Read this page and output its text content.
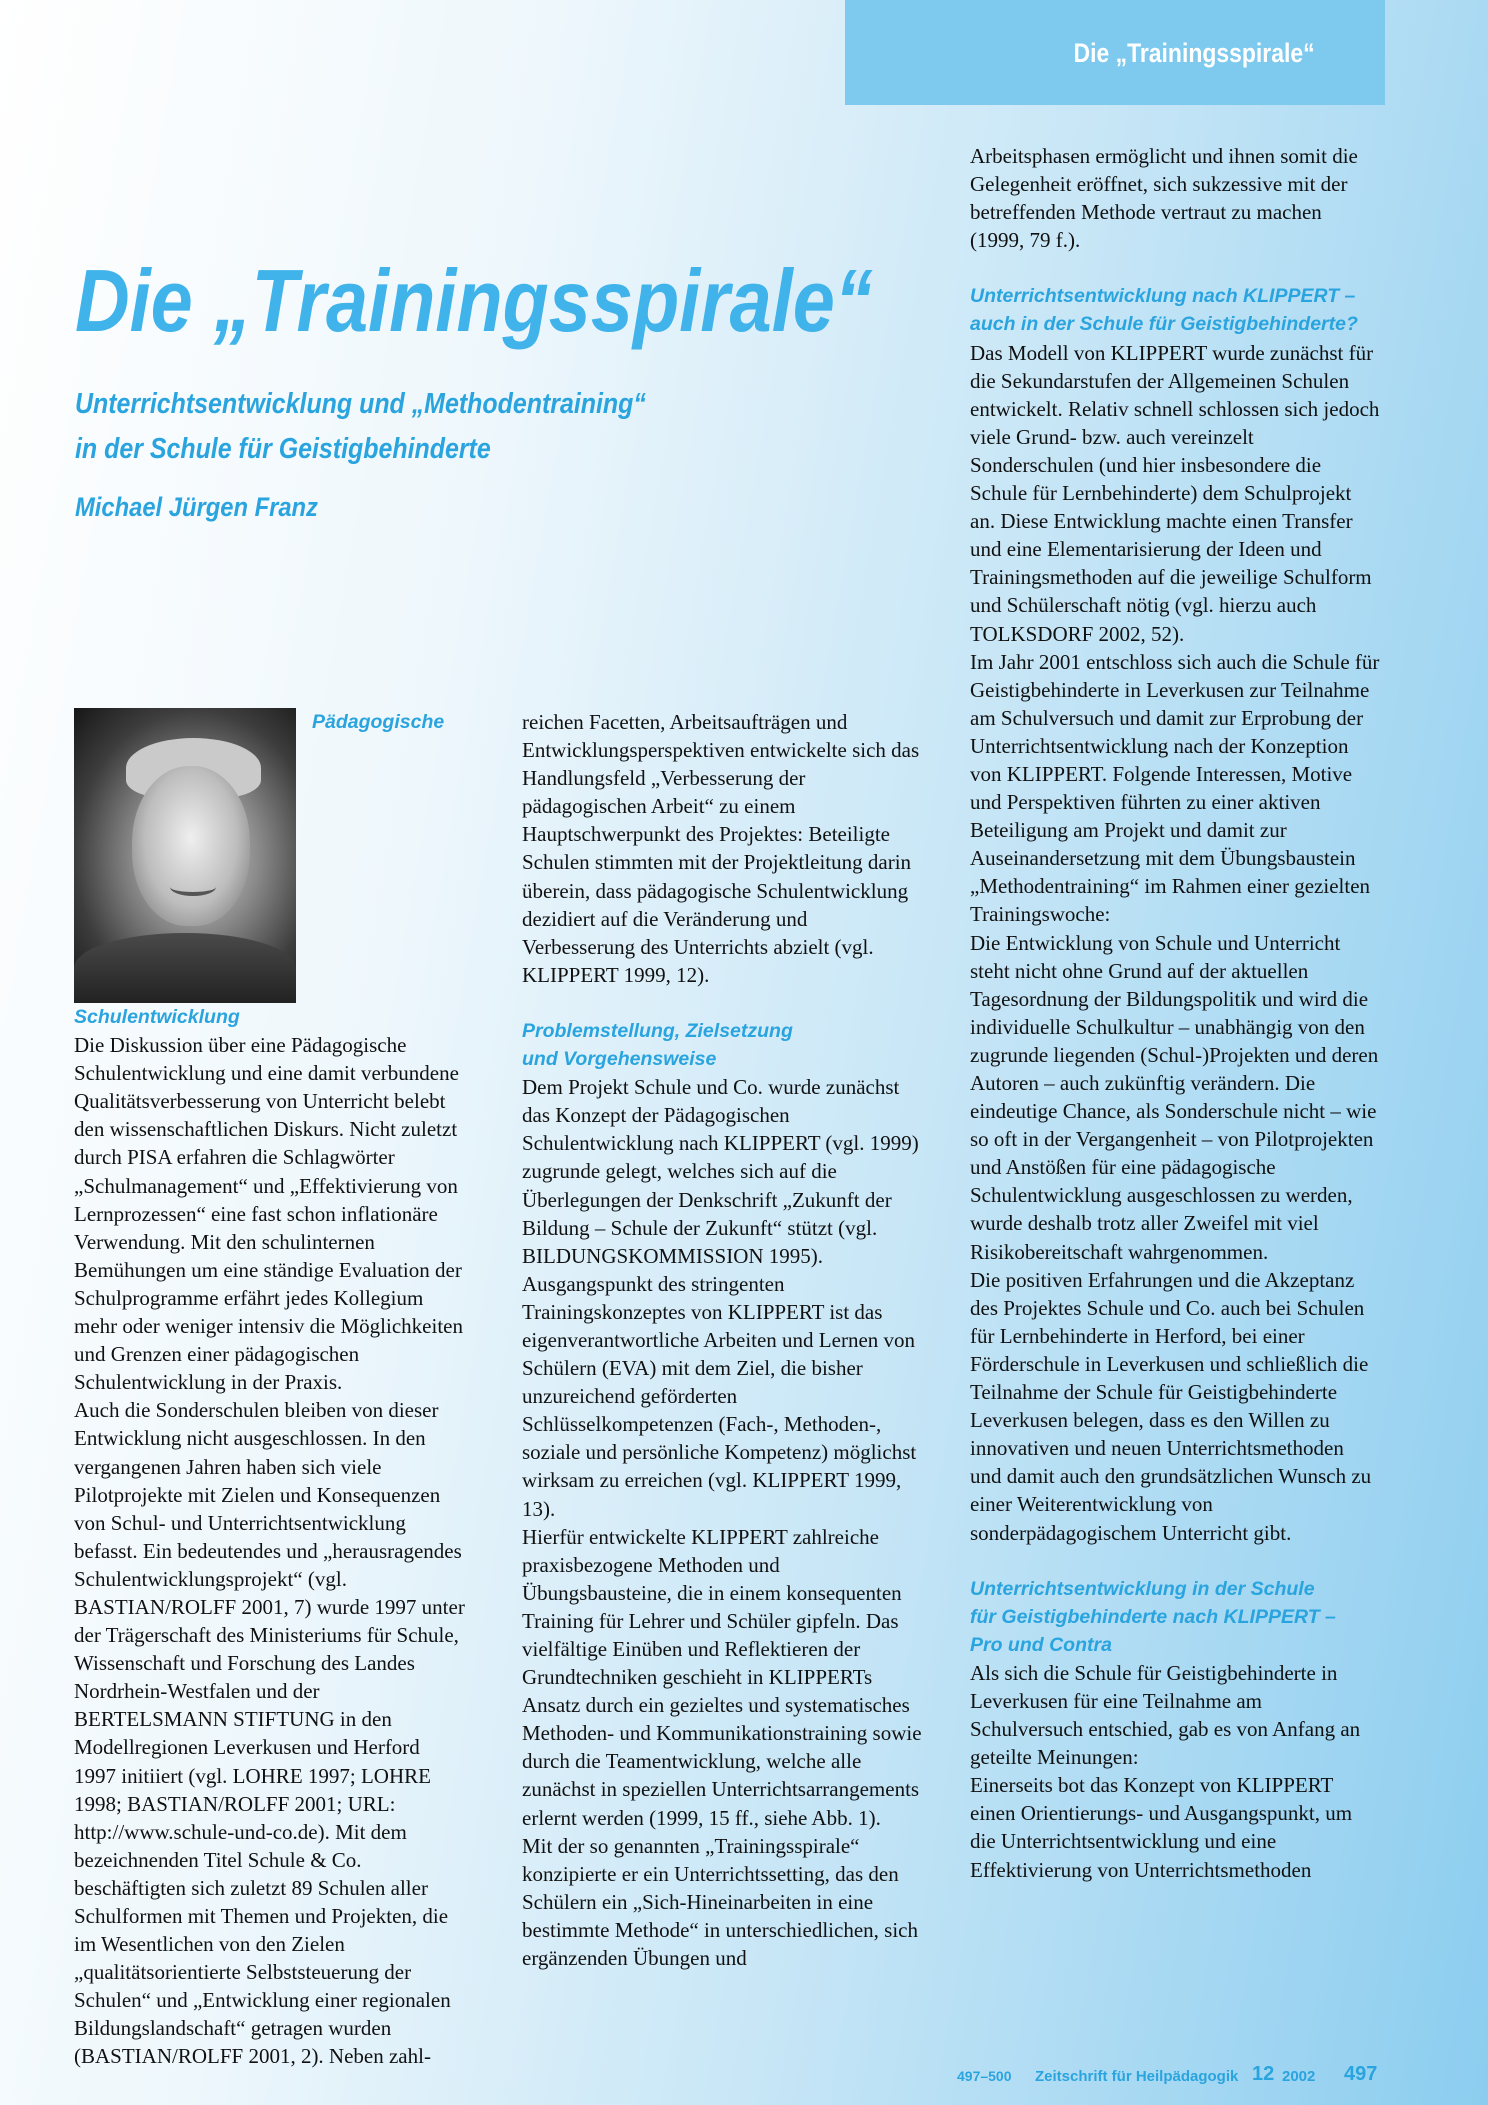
Die „Trainingsspirale“
Die „Trainingsspirale“
Unterrichtsentwicklung und „Methodentraining“
in der Schule für Geistigbehinderte
Michael Jürgen Franz
Pädagogische Schulentwicklung

Die Diskussion über eine Pädagogische Schulentwicklung und eine damit verbundene Qualitätsverbesserung von Unterricht belebt den wissenschaftlichen Diskurs. Nicht zuletzt durch PISA erfahren die Schlagwörter „Schulmanagement“ und „Effektivierung von Lernprozessen“ eine fast schon inflationäre Verwendung. Mit den schulinternen Bemühungen um eine ständige Evaluation der Schulprogramme erfährt jedes Kollegium mehr oder weniger intensiv die Möglichkeiten und Grenzen einer pädagogischen Schulentwicklung in der Praxis.

Auch die Sonderschulen bleiben von dieser Entwicklung nicht ausgeschlossen. In den vergangenen Jahren haben sich viele Pilotprojekte mit Zielen und Konsequenzen von Schul- und Unterrichtsentwicklung befasst. Ein bedeutendes und „herausragendes Schulentwicklungsprojekt“ (vgl. BASTIAN/ROLFF 2001, 7) wurde 1997 unter der Trägerschaft des Ministeriums für Schule, Wissenschaft und Forschung des Landes Nordrhein-Westfalen und der BERTELSMANN STIFTUNG in den Modellregionen Leverkusen und Herford 1997 initiiert (vgl. LOHRE 1997; LOHRE 1998; BASTIAN/ROLFF 2001; URL: http://www.schule-und-co.de). Mit dem bezeichnenden Titel Schule & Co. beschäftigten sich zuletzt 89 Schulen aller Schulformen mit Themen und Projekten, die im Wesentlichen von den Zielen „qualitätsorientierte Selbststeuerung der Schulen“ und „Entwicklung einer regionalen Bildungslandschaft“ getragen wurden (BASTIAN/ROLFF 2001, 2). Neben zahl-

reichen Facetten, Arbeitsaufträgen und Entwicklungsperspektiven entwickelte sich das Handlungsfeld „Verbesserung der pädagogischen Arbeit“ zu einem Hauptschwerpunkt des Projektes: Beteiligte Schulen stimmten mit der Projektleitung darin überein, dass pädagogische Schulentwicklung dezidiert auf die Veränderung und Verbesserung des Unterrichts abzielt (vgl. KLIPPERT 1999, 12).

Problemstellung, Zielsetzung
und Vorgehensweise

Dem Projekt Schule und Co. wurde zunächst das Konzept der Pädagogischen Schulentwicklung nach KLIPPERT (vgl. 1999) zugrunde gelegt, welches sich auf die Überlegungen der Denkschrift „Zukunft der Bildung – Schule der Zukunft“ stützt (vgl. BILDUNGSKOMMISSION 1995).

Ausgangspunkt des stringenten Trainingskonzeptes von KLIPPERT ist das eigenverantwortliche Arbeiten und Lernen von Schülern (EVA) mit dem Ziel, die bisher unzureichend geförderten Schlüsselkompetenzen (Fach-, Methoden-, soziale und persönliche Kompetenz) möglichst wirksam zu erreichen (vgl. KLIPPERT 1999, 13).

Hierfür entwickelte KLIPPERT zahlreiche praxisbezogene Methoden und Übungsbausteine, die in einem konsequenten Training für Lehrer und Schüler gipfeln. Das vielfältige Einüben und Reflektieren der Grundtechniken geschieht in KLIPPERTs Ansatz durch ein gezieltes und systematisches Methoden- und Kommunikationstraining sowie durch die Teamentwicklung, welche alle zunächst in speziellen Unterrichtsarrangements erlernt werden (1999, 15 ff., siehe Abb. 1).

Mit der so genannten „Trainingsspirale“ konzipierte er ein Unterrichtssetting, das den Schülern ein „Sich-Hineinarbeiten in eine bestimmte Methode“ in unterschiedlichen, sich ergänzenden Übungen und

Arbeitsphasen ermöglicht und ihnen somit die Gelegenheit eröffnet, sich sukzessive mit der betreffenden Methode vertraut zu machen (1999, 79 f.).

Unterrichtsentwicklung nach KLIPPERT –
auch in der Schule für Geistigbehinderte?

Das Modell von KLIPPERT wurde zunächst für die Sekundarstufen der Allgemeinen Schulen entwickelt. Relativ schnell schlossen sich jedoch viele Grund- bzw. auch vereinzelt Sonderschulen (und hier insbesondere die Schule für Lernbehinderte) dem Schulprojekt an. Diese Entwicklung machte einen Transfer und eine Elementarisierung der Ideen und Trainingsmethoden auf die jeweilige Schulform und Schülerschaft nötig (vgl. hierzu auch TOLKSDORF 2002, 52).

Im Jahr 2001 entschloss sich auch die Schule für Geistigbehinderte in Leverkusen zur Teilnahme am Schulversuch und damit zur Erprobung der Unterrichtsentwicklung nach der Konzeption von KLIPPERT. Folgende Interessen, Motive und Perspektiven führten zu einer aktiven Beteiligung am Projekt und damit zur Auseinandersetzung mit dem Übungsbaustein „Methodentraining“ im Rahmen einer gezielten Trainingswoche:

Die Entwicklung von Schule und Unterricht steht nicht ohne Grund auf der aktuellen Tagesordnung der Bildungspolitik und wird die individuelle Schulkultur – unabhängig von den zugrunde liegenden (Schul-)Projekten und deren Autoren – auch zukünftig verändern. Die eindeutige Chance, als Sonderschule nicht – wie so oft in der Vergangenheit – von Pilotprojekten und Anstößen für eine pädagogische Schulentwicklung ausgeschlossen zu werden, wurde deshalb trotz aller Zweifel mit viel Risikobereitschaft wahrgenommen.

Die positiven Erfahrungen und die Akzeptanz des Projektes Schule und Co. auch bei Schulen für Lernbehinderte in Herford, bei einer Förderschule in Leverkusen und schließlich die Teilnahme der Schule für Geistigbehinderte Leverkusen belegen, dass es den Willen zu innovativen und neuen Unterrichtsmethoden und damit auch den grundsätzlichen Wunsch zu einer Weiterentwicklung von sonderpädagogischem Unterricht gibt.

Unterrichtsentwicklung in der Schule
für Geistigbehinderte nach KLIPPERT –
Pro und Contra

Als sich die Schule für Geistigbehinderte in Leverkusen für eine Teilnahme am Schulversuch entschied, gab es von Anfang an geteilte Meinungen:

Einerseits bot das Konzept von KLIPPERT einen Orientierungs- und Ausgangspunkt, um die Unterrichtsentwicklung und eine Effektivierung von Unterrichtsmethoden

497–500 Zeitschrift für Heilpädagogik 12 2002 497
